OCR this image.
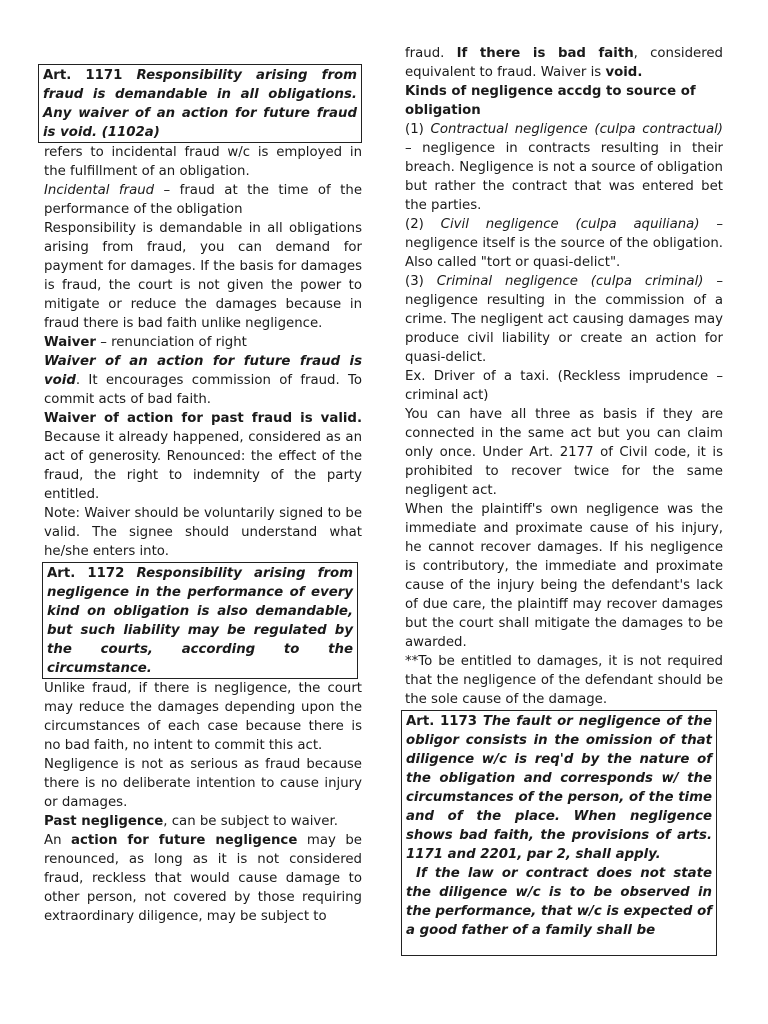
Art. 1171 Responsibility arising from fraud is demandable in all obligations. Any waiver of an action for future fraud is void. (1102a)

refers to incidental fraud w/c is employed in the fulfillment of an obligation.

Incidental fraud – fraud at the time of the performance of the obligation

Responsibility is demandable in all obligations arising from fraud, you can demand for payment for damages. If the basis for damages is fraud, the court is not given the power to mitigate or reduce the damages because in fraud there is bad faith unlike negligence.

Waiver – renunciation of right

Waiver of an action for future fraud is void. It encourages commission of fraud. To commit acts of bad faith.

Waiver of action for past fraud is valid. Because it already happened, considered as an act of generosity. Renounced: the effect of the fraud, the right to indemnity of the party entitled.

Note: Waiver should be voluntarily signed to be valid. The signee should understand what he/she enters into.

Art. 1172 Responsibility arising from negligence in the performance of every kind on obligation is also demandable, but such liability may be regulated by the courts, according to the circumstance.

Unlike fraud, if there is negligence, the court may reduce the damages depending upon the circumstances of each case because there is no bad faith, no intent to commit this act.

Negligence is not as serious as fraud because there is no deliberate intention to cause injury or damages.

Past negligence, can be subject to waiver.

An action for future negligence may be renounced, as long as it is not considered fraud, reckless that would cause damage to other person, not covered by those requiring extraordinary diligence, may be subject to

fraud. If there is bad faith, considered equivalent to fraud. Waiver is void.

Kinds of negligence accdg to source of obligation

(1) Contractual negligence (culpa contractual) – negligence in contracts resulting in their breach. Negligence is not a source of obligation but rather the contract that was entered bet the parties.

(2) Civil negligence (culpa aquiliana) – negligence itself is the source of the obligation. Also called "tort or quasi-delict".

(3) Criminal negligence (culpa criminal) – negligence resulting in the commission of a crime. The negligent act causing damages may produce civil liability or create an action for quasi-delict.

Ex. Driver of a taxi. (Reckless imprudence – criminal act)

You can have all three as basis if they are connected in the same act but you can claim only once. Under Art. 2177 of Civil code, it is prohibited to recover twice for the same negligent act.

When the plaintiff's own negligence was the immediate and proximate cause of his injury, he cannot recover damages. If his negligence is contributory, the immediate and proximate cause of the injury being the defendant's lack of due care, the plaintiff may recover damages but the court shall mitigate the damages to be awarded.

**To be entitled to damages, it is not required that the negligence of the defendant should be the sole cause of the damage.

Art. 1173 The fault or negligence of the obligor consists in the omission of that diligence w/c is req'd by the nature of the obligation and corresponds w/ the circumstances of the person, of the time and of the place. When negligence shows bad faith, the provisions of arts. 1171 and 2201, par 2, shall apply.
If the law or contract does not state the diligence w/c is to be observed in the performance, that w/c is expected of a good father of a family shall be
